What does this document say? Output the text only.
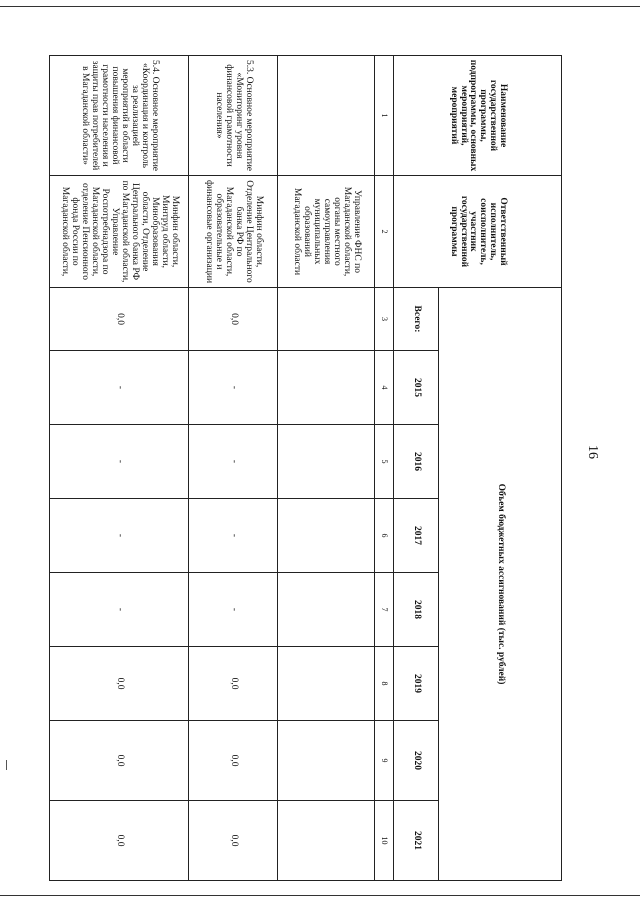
16
Наименование государственной программы, подпрограммы, основных мероприятий, мероприятий	Ответственный исполнитель, соисполнитель, участник государственной программы	Объем бюджетных ассигнований (тыс. рублей)							
		Всего:	2015	2016	2017	2018	2019	2020	2021
1	2	3	4	5	6	7	8	9	10
	Управление ФНС по Магаданской области, органы местного самоуправления муниципальных образований Магаданской области								
5.3. Основное мероприятие «Мониторинг уровня финансовой грамотности населения»	Минфин области, Отделение Центрального банка РФ по Магаданской области, образовательные и финансовые организации	0,0	-	-	-	-	0,0	0,0	0,0
5.4. Основное мероприятие «Координация и контроль за реализацией мероприятий в области повышения финансовой грамотности населения и защиты прав потребителей в Магаданской области»	Минфин области, Минтруд области, Минобразования области, Отделение Центрального банка РФ по Магаданской области, Управление Роспотребнадзора по Магаданской области, отделение Пенсионного фонда России по Магаданской области,	0,0	-	-	-	-	0,0	0,0	0,0
